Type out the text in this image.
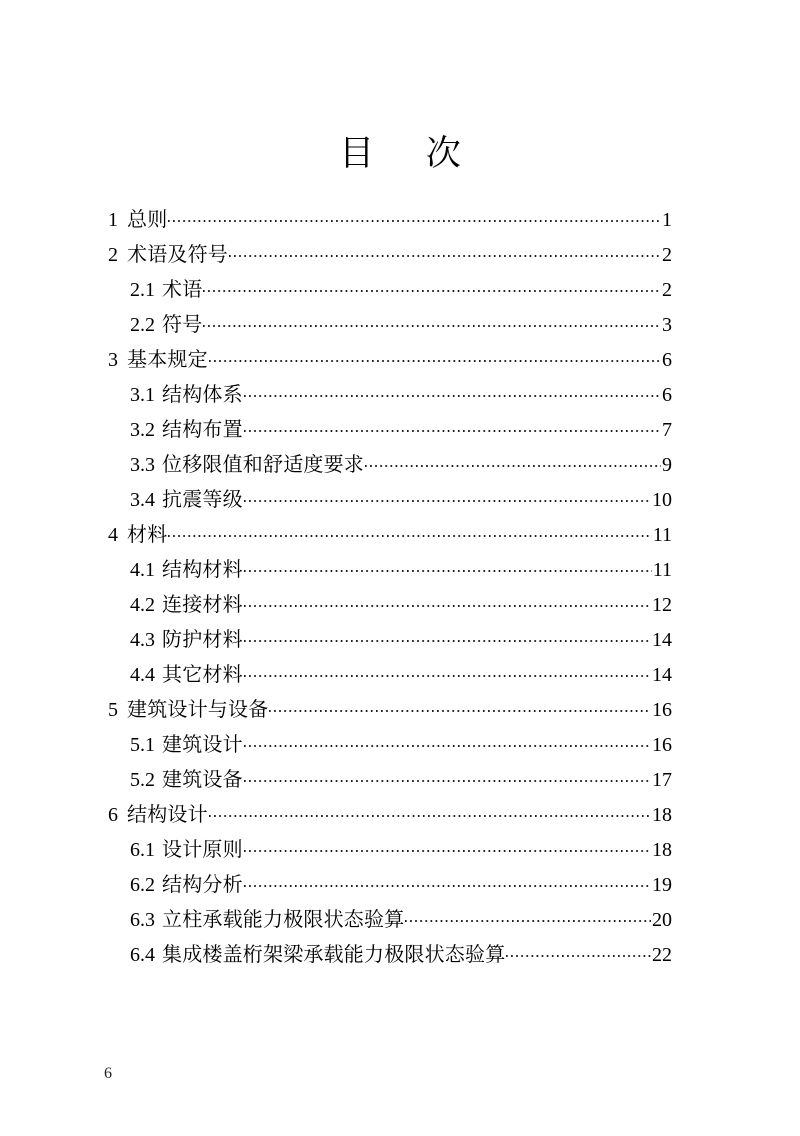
目　次
1 总则	1
2 术语及符号	2
2.1 术语	2
2.2 符号	3
3 基本规定	6
3.1 结构体系	6
3.2 结构布置	7
3.3 位移限值和舒适度要求	9
3.4 抗震等级	10
4 材料	11
4.1 结构材料	11
4.2 连接材料	12
4.3 防护材料	14
4.4 其它材料	14
5 建筑设计与设备	16
5.1 建筑设计	16
5.2 建筑设备	17
6 结构设计	18
6.1 设计原则	18
6.2 结构分析	19
6.3 立柱承载能力极限状态验算	20
6.4 集成楼盖桁架梁承载能力极限状态验算	22
6
